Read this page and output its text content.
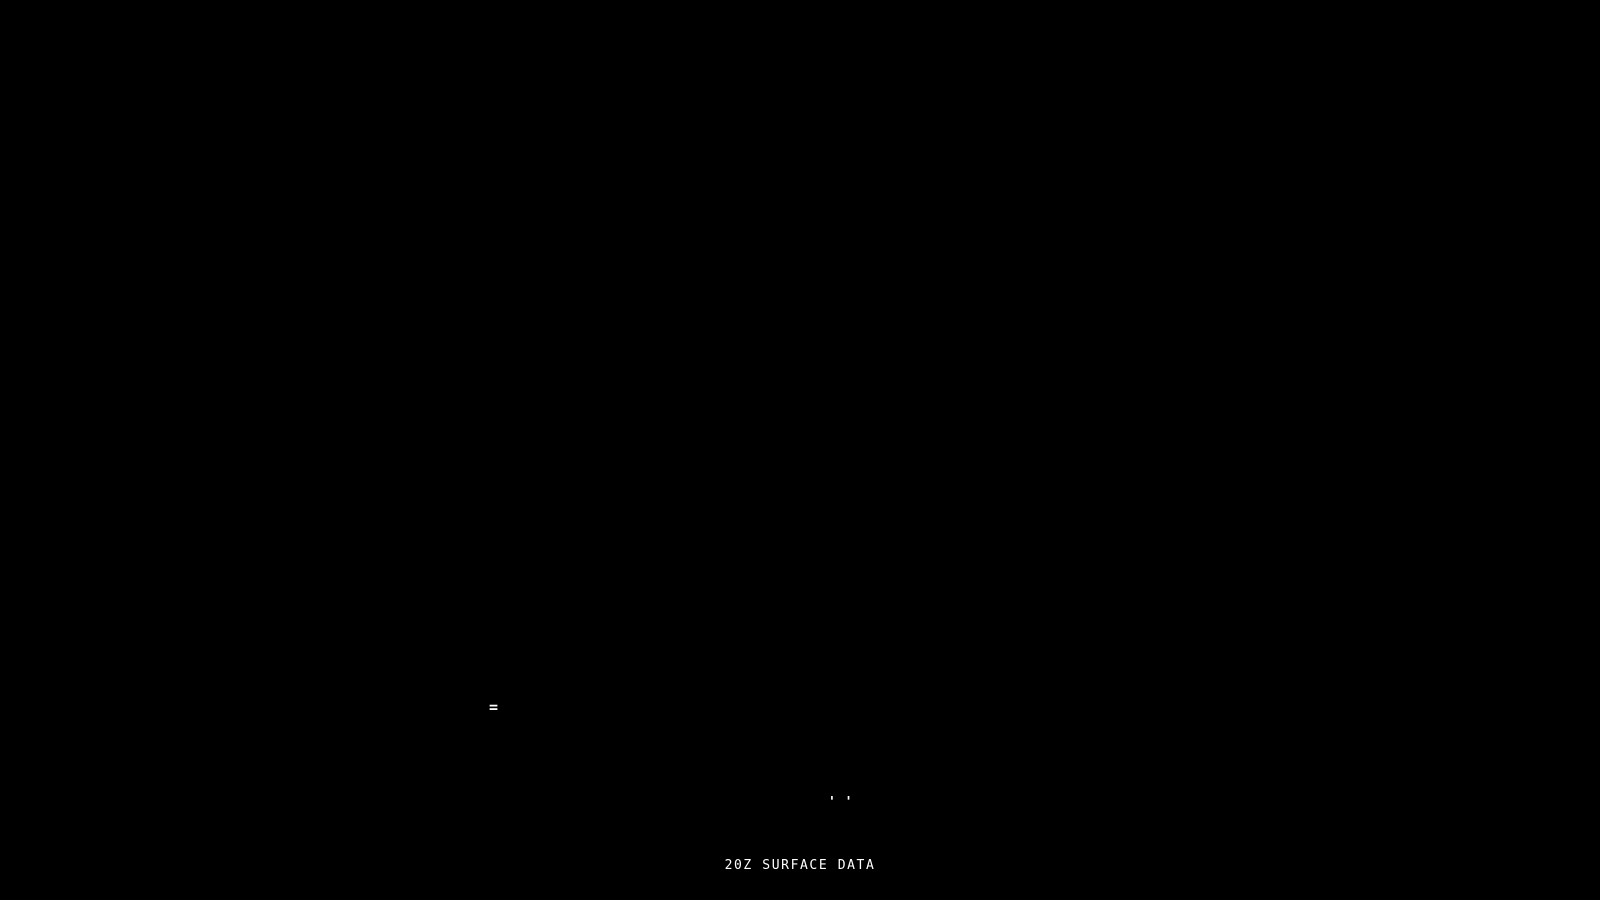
=
' '
20Z SURFACE DATA
